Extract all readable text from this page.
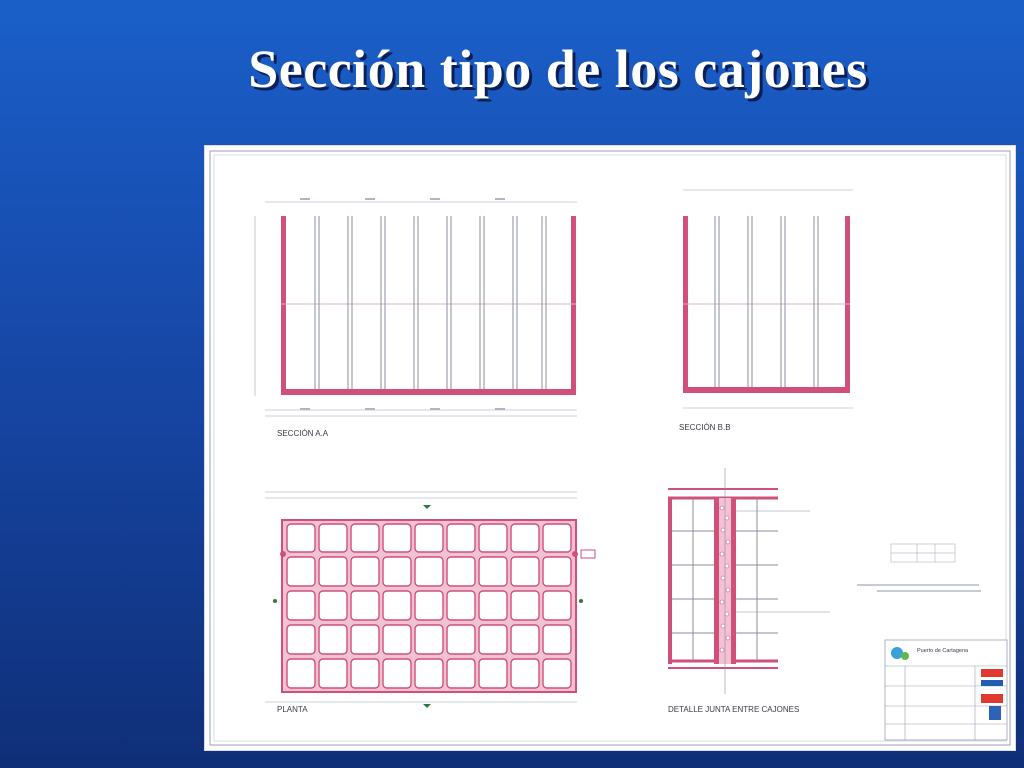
Sección tipo de los cajones
SECCIÓN A.A
SECCIÓN B.B
PLANTA	DETALLE JUNTA ENTRE CAJONES
Puerto de Cartagena
